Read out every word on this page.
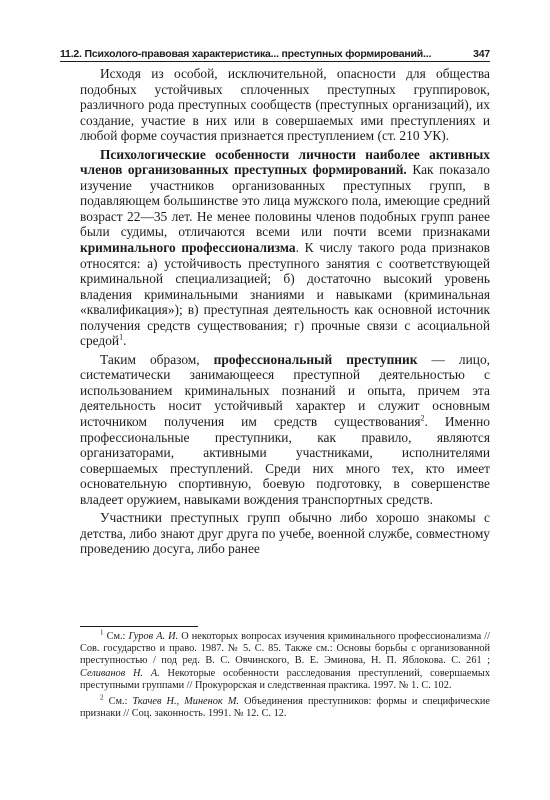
11.2. Психолого-правовая характеристика... преступных формирований...	347

Исходя из особой, исключительной, опасности для общества подобных устойчивых сплоченных преступных группировок, различного рода преступных сообществ (преступных организаций), их создание, участие в них или в совершаемых ими преступлениях и любой форме соучастия признается преступлением (ст. 210 УК).

Психологические особенности личности наиболее активных членов организованных преступных формирований. Как показало изучение участников организованных преступных групп, в подавляющем большинстве это лица мужского пола, имеющие средний возраст 22—35 лет. Не менее половины членов подобных групп ранее были судимы, отличаются всеми или почти всеми признаками криминального профессионализма. К числу такого рода признаков относятся: а) устойчивость преступного занятия с соответствующей криминальной специализацией; б) достаточно высокий уровень владения криминальными знаниями и навыками (криминальная «квалификация»); в) преступная деятельность как основной источник получения средств существования; г) прочные связи с асоциальной средой$^1$.

Таким образом, профессиональный преступник — лицо, систематически занимающееся преступной деятельностью с использованием криминальных познаний и опыта, причем эта деятельность носит устойчивый характер и служит основным источником получения им средств существования$^2$. Именно профессиональные преступники, как правило, являются организаторами, активными участниками, исполнителями совершаемых преступлений. Среди них много тех, кто имеет основательную спортивную, боевую подготовку, в совершенстве владеет оружием, навыками вождения транспортных средств.

Участники преступных групп обычно либо хорошо знакомы с детства, либо знают друг друга по учебе, военной службе, совместному проведению досуга, либо ранее

$^1$ См.: Гуров А. И. О некоторых вопросах изучения криминального профессионализма // Сов. государство и право. 1987. № 5. С. 85. Также см.: Основы борьбы с организованной преступностью / под ред. В. С. Овчинского, В. Е. Эминова, Н. П. Яблокова. С. 261 ; Селиванов Н. А. Некоторые особенности расследования преступлений, совершаемых преступными группами // Прокурорская и следственная практика. 1997. № 1. С. 102.

$^2$ См.: Ткачев Н., Миненок М. Объединения преступников: формы и специфические признаки // Соц. законность. 1991. № 12. С. 12.
